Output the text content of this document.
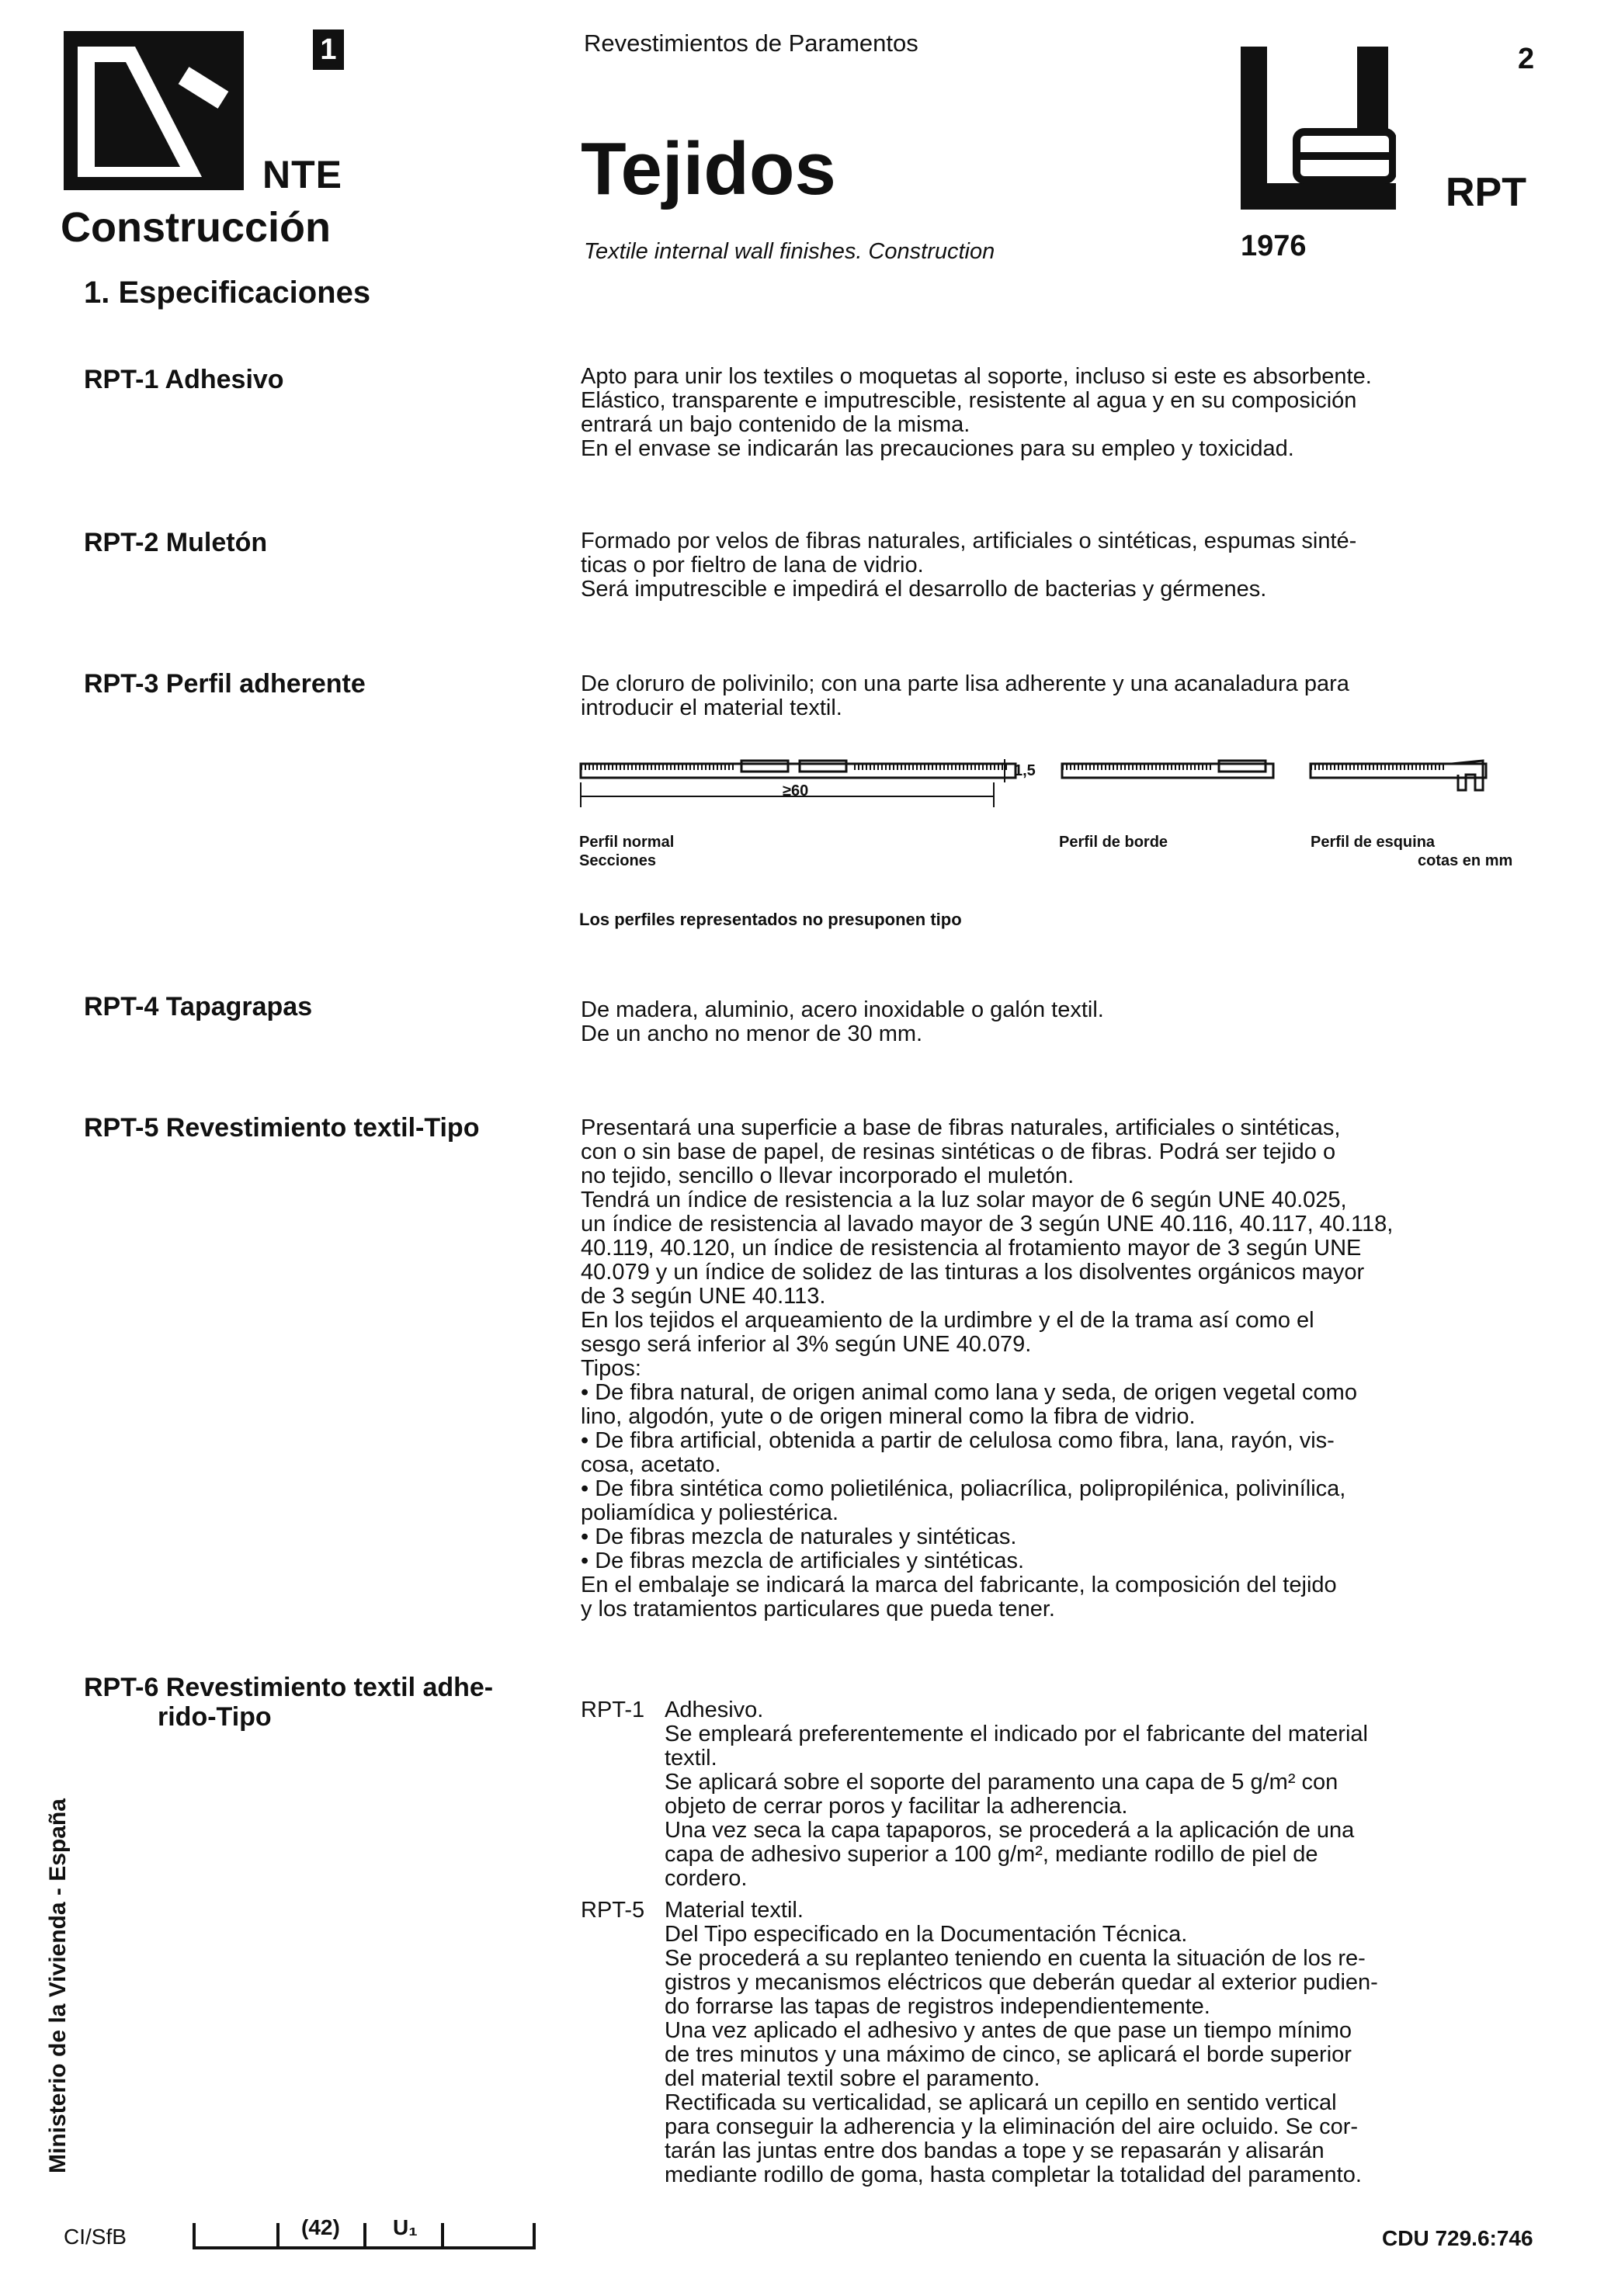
1
NTE
Construcción
Revestimientos de Paramentos
Tejidos
Textile internal wall finishes. Construction
2
RPT
1976
1. Especificaciones
RPT-1 Adhesivo	Apto para unir los textiles o moquetas al soporte, incluso si este es absorbente.

Elástico, transparente e imputrescible, resistente al agua y en su composición

entrará un bajo contenido de la misma.

En el envase se indicarán las precauciones para su empleo y toxicidad.

RPT-2 Muletón	Formado por velos de fibras naturales, artificiales o sintéticas, espumas sinté-

ticas o por fieltro de lana de vidrio.

Será imputrescible e impedirá el desarrollo de bacterias y gérmenes.

RPT-3 Perfil adherente	De cloruro de polivinilo; con una parte lisa adherente y una acanaladura para

introducir el material textil.

≥60
1,5
Perfil normal
Secciones
Perfil de borde	Perfil de esquina
cotas en mm
Los perfiles representados no presuponen tipo
RPT-4 Tapagrapas	De madera, aluminio, acero inoxidable o galón textil.

De un ancho no menor de 30 mm.

RPT-5 Revestimiento textil-Tipo	Presentará una superficie a base de fibras naturales, artificiales o sintéticas,

con o sin base de papel, de resinas sintéticas o de fibras. Podrá ser tejido o

no tejido, sencillo o llevar incorporado el muletón.

Tendrá un índice de resistencia a la luz solar mayor de 6 según UNE 40.025,

un índice de resistencia al lavado mayor de 3 según UNE 40.116, 40.117, 40.118,

40.119, 40.120, un índice de resistencia al frotamiento mayor de 3 según UNE

40.079 y un índice de solidez de las tinturas a los disolventes orgánicos mayor

de 3 según UNE 40.113.

En los tejidos el arqueamiento de la urdimbre y el de la trama así como el

sesgo será inferior al 3% según UNE 40.079.

Tipos:

• De fibra natural, de origen animal como lana y seda, de origen vegetal como

lino, algodón, yute o de origen mineral como la fibra de vidrio.

• De fibra artificial, obtenida a partir de celulosa como fibra, lana, rayón, vis-

cosa, acetato.

• De fibra sintética como polietilénica, poliacrílica, polipropilénica, polivinílica,

poliamídica y poliestérica.

• De fibras mezcla de naturales y sintéticas.

• De fibras mezcla de artificiales y sintéticas.

En el embalaje se indicará la marca del fabricante, la composición del tejido

y los tratamientos particulares que pueda tener.

RPT-6 Revestimiento textil adhe-
rido-Tipo	RPT-1 Adhesivo.

Se empleará preferentemente el indicado por el fabricante del material

textil.

Se aplicará sobre el soporte del paramento una capa de 5 g/m² con

objeto de cerrar poros y facilitar la adherencia.

Una vez seca la capa tapaporos, se procederá a la aplicación de una

capa de adhesivo superior a 100 g/m², mediante rodillo de piel de

cordero.

RPT-5 Material textil.

Del Tipo especificado en la Documentación Técnica.

Se procederá a su replanteo teniendo en cuenta la situación de los re-

gistros y mecanismos eléctricos que deberán quedar al exterior pudien-

do forrarse las tapas de registros independientemente.

Una vez aplicado el adhesivo y antes de que pase un tiempo mínimo

de tres minutos y una máximo de cinco, se aplicará el borde superior

del material textil sobre el paramento.

Rectificada su verticalidad, se aplicará un cepillo en sentido vertical

para conseguir la adherencia y la eliminación del aire ocluido. Se cor-

tarán las juntas entre dos bandas a tope y se repasarán y alisarán

mediante rodillo de goma, hasta completar la totalidad del paramento.

Ministerio de la Vivienda - España
CI/SfB	(42) U₁	CDU 729.6:746
